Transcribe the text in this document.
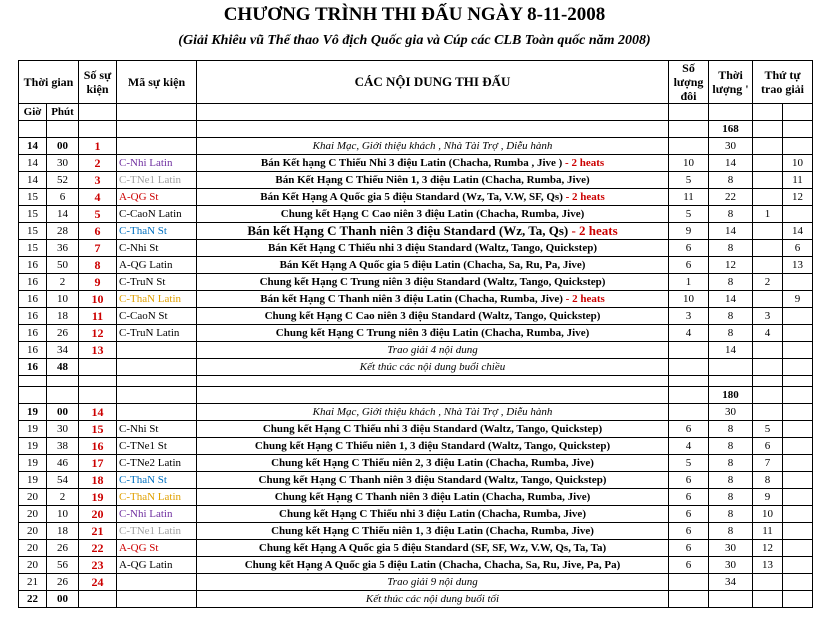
CHƯƠNG TRÌNH THI ĐẤU NGÀY 8-11-2008
(Giải Khiêu vũ Thể thao Vô địch Quốc gia và Cúp các CLB Toàn quốc năm 2008)
Thời gian		Số sự kiện	Mã sự kiện	CÁC NỘI DUNG THI ĐẤU	Số lượng đôi	Thời lượng '	Thứ tự trao giải	
Giờ	Phút							
						168		
14	00	1		Khai Mạc, Giới thiệu khách , Nhà Tài Trợ , Diễu hành		30		
14	30	2	C-Nhi Latin	Bán Kết hạng C Thiếu Nhi 3 điệu Latin (Chacha, Rumba , Jive ) - 2 heats	10	14		10
14	52	3	C-TNe1 Latin	Bán Kết Hạng C Thiếu Niên 1, 3 điệu Latin (Chacha, Rumba, Jive)	5	8		11
15	6	4	A-QG St	Bán Kết Hạng A Quốc gia 5 điệu Standard (Wz, Ta, V.W, SF, Qs) - 2 heats	11	22		12
15	14	5	C-CaoN Latin	Chung kết Hạng C Cao niên 3 điệu Latin (Chacha, Rumba, Jive)	5	8	1	
15	28	6	C-ThaN St	Bán kết Hạng C Thanh niên 3 điệu Standard (Wz, Ta, Qs) - 2 heats	9	14		14
15	36	7	C-Nhi St	Bán Kết Hạng C Thiếu nhi 3 điệu Standard (Waltz, Tango, Quickstep)	6	8		6
16	50	8	A-QG Latin	Bán Kết Hạng A Quốc gia 5 điệu Latin (Chacha, Sa, Ru, Pa, Jive)	6	12		13
16	2	9	C-TruN St	Chung kết Hạng C Trung niên 3 điệu Standard (Waltz, Tango, Quickstep)	1	8	2	
16	10	10	C-ThaN Latin	Bán kết Hạng C Thanh niên 3 điệu Latin (Chacha, Rumba, Jive) - 2 heats	10	14		9
16	18	11	C-CaoN St	Chung kết Hạng C Cao niên 3 điệu Standard (Waltz, Tango, Quickstep)	3	8	3	
16	26	12	C-TruN Latin	Chung kết Hạng C Trung niên 3 điệu Latin (Chacha, Rumba, Jive)	4	8	4	
16	34	13		Trao giải 4 nội dung		14		
16	48			Kết thúc các nội dung buổi chiều				

						180		
19	00	14		Khai Mạc, Giới thiệu khách , Nhà Tài Trợ , Diễu hành		30		
19	30	15	C-Nhi St	Chung kết Hạng C Thiếu nhi 3 điệu Standard (Waltz, Tango, Quickstep)	6	8	5	
19	38	16	C-TNe1 St	Chung kết Hạng C Thiếu niên 1, 3 điệu Standard (Waltz, Tango, Quickstep)	4	8	6	
19	46	17	C-TNe2 Latin	Chung kết Hạng C Thiếu niên 2, 3 điệu Latin (Chacha, Rumba, Jive)	5	8	7	
19	54	18	C-ThaN St	Chung kết Hạng C Thanh niên 3 điệu Standard (Waltz, Tango, Quickstep)	6	8	8	
20	2	19	C-ThaN Latin	Chung kết Hạng C Thanh niên 3 điệu Latin (Chacha, Rumba, Jive)	6	8	9	
20	10	20	C-Nhi Latin	Chung kết Hạng C Thiếu nhi 3 điệu Latin (Chacha, Rumba, Jive)	6	8	10	
20	18	21	C-TNe1 Latin	Chung kết Hạng C Thiếu niên 1, 3 điệu Latin (Chacha, Rumba, Jive)	6	8	11	
20	26	22	A-QG St	Chung kết Hạng A Quốc gia 5 điệu Standard (SF, SF, Wz, V.W, Qs, Ta, Ta)	6	30	12	
20	56	23	A-QG Latin	Chung kết Hạng A Quốc gia 5 điệu Latin (Chacha, Chacha, Sa, Ru, Jive, Pa, Pa)	6	30	13	
21	26	24		Trao giải 9 nội dung		34		
22	00			Kết thúc các nội dung buổi tối				
